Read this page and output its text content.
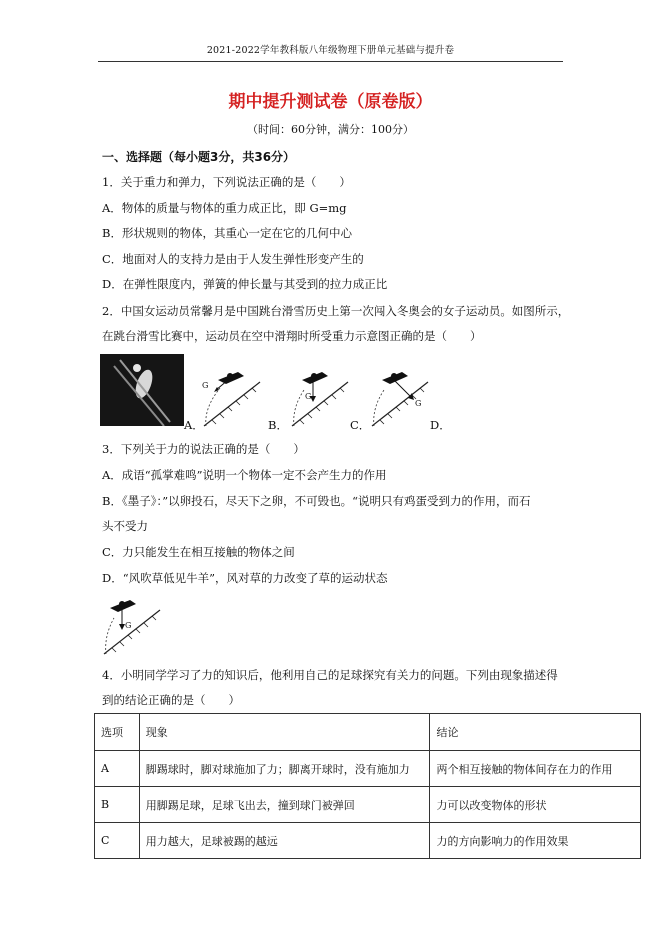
2021-2022学年教科版八年级物理下册单元基础与提升卷
期中提升测试卷（原卷版）
（时间：60分钟，满分：100分）
一、选择题（每小题3分，共36分）
1．关于重力和弹力，下列说法正确的是（　　）
A．物体的质量与物体的重力成正比，即 G=mg
B．形状规则的物体，其重心一定在它的几何中心
C．地面对人的支持力是由于人发生弹性形变产生的
D．在弹性限度内，弹簧的伸长量与其受到的拉力成正比
2．中国女运动员常馨月是中国跳台滑雪历史上第一次闯入冬奥会的女子运动员。如图所示，
在跳台滑雪比赛中，运动员在空中滑翔时所受重力示意图正确的是（　　）
A．
G
B．
G
C．
G
D．
3．下列关于力的说法正确的是（　　）
A．成语“孤掌难鸣”说明一个物体一定不会产生力的作用
B．《墨子》：”以卵投石，尽天下之卵，不可毁也。“说明只有鸡蛋受到力的作用，而石
头不受力
C．力只能发生在相互接触的物体之间
D．“风吹草低见牛羊”，风对草的力改变了草的运动状态
G
4．小明同学学习了力的知识后，他利用自己的足球探究有关力的问题。下列由现象描述得
到的结论正确的是（　　）
选项	现象	结论
A	脚踢球时，脚对球施加了力；脚离开球时，没有施加力	两个相互接触的物体间存在力的作用
B	用脚踢足球，足球飞出去，撞到球门被弹回	力可以改变物体的形状
C	用力越大，足球被踢的越远	力的方向影响力的作用效果
